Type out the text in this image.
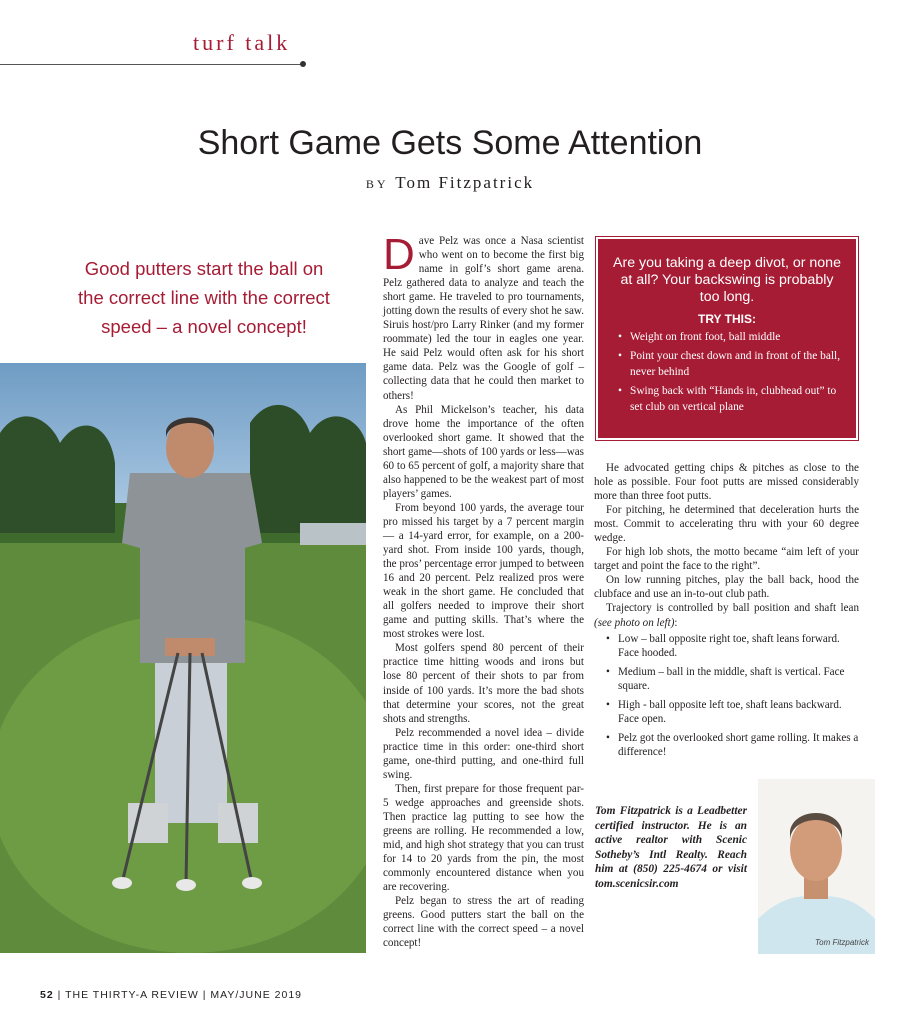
turf talk
Short Game Gets Some Attention
BY Tom Fitzpatrick
Good putters start the ball on the correct line with the correct speed – a novel concept!

Dave Pelz was once a Nasa scientist who went on to become the first big name in golf’s short game arena. Pelz gathered data to analyze and teach the short game. He traveled to pro tournaments, jotting down the results of every shot he saw. Siruis host/pro Larry Rinker (and my former roommate) led the tour in eagles one year. He said Pelz would often ask for his short game data. Pelz was the Google of golf – collecting data that he could then market to others!

As Phil Mickelson’s teacher, his data drove home the importance of the often overlooked short game. It showed that the short game—shots of 100 yards or less—was 60 to 65 percent of golf, a majority share that also happened to be the weakest part of most players’ games.

From beyond 100 yards, the average tour pro missed his target by a 7 percent margin — a 14-yard error, for example, on a 200-yard shot. From inside 100 yards, though, the pros’ percentage error jumped to between 16 and 20 percent. Pelz realized pros were weak in the short game. He concluded that all golfers needed to improve their short game and putting skills. That’s where the most strokes were lost.

Most golfers spend 80 percent of their practice time hitting woods and irons but lose 80 percent of their shots to par from inside of 100 yards. It’s more the bad shots that determine your scores, not the great shots and strengths.

Pelz recommended a novel idea – divide practice time in this order: one-third short game, one-third putting, and one-third full swing.

Then, first prepare for those frequent par-5 wedge approaches and greenside shots. Then practice lag putting to see how the greens are rolling. He recommended a low, mid, and high shot strategy that you can trust for 14 to 20 yards from the pin, the most commonly encountered distance when you are recovering.

Pelz began to stress the art of reading greens. Good putters start the ball on the correct line with the correct speed – a novel concept!

Are you taking a deep divot, or none at all? Your backswing is probably too long.
TRY THIS:
• Weight on front foot, ball middle
• Point your chest down and in front of the ball, never behind
• Swing back with “Hands in, clubhead out” to set club on vertical plane

He advocated getting chips & pitches as close to the hole as possible. Four foot putts are missed considerably more than three foot putts.

For pitching, he determined that deceleration hurts the most. Commit to accelerating thru with your 60 degree wedge.

For high lob shots, the motto became “aim left of your target and point the face to the right”.

On low running pitches, play the ball back, hood the clubface and use an in-to-out club path.

Trajectory is controlled by ball position and shaft lean (see photo on left):

• Low – ball opposite right toe, shaft leans forward. Face hooded.
• Medium – ball in the middle, shaft is vertical. Face square.
• High - ball opposite left toe, shaft leans backward. Face open.
• Pelz got the overlooked short game rolling. It makes a difference!
Tom Fitzpatrick is a Leadbetter certified instructor. He is an active realtor with Scenic Sotheby’s Intl Realty. Reach him at (850) 225-4674 or visit tom.scenicsir.com
Tom Fitzpatrick
52 | THE THIRTY-A REVIEW | MAY/JUNE 2019
